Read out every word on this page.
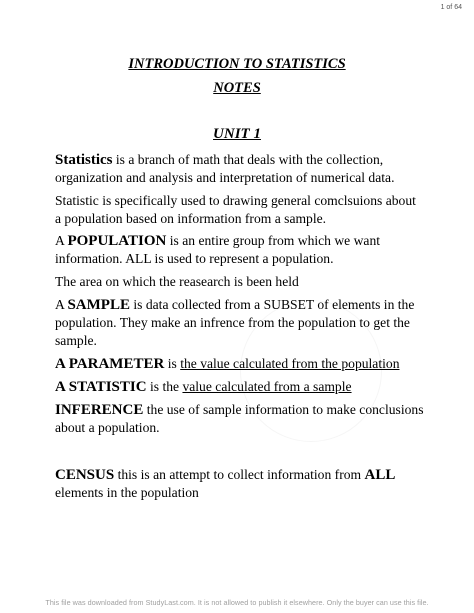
1 of 64
INTRODUCTION TO STATISTICS
NOTES
UNIT 1

Statistics is a branch of math that deals with the collection, organization and analysis and interpretation of numerical data.

Statistic is specifically used to drawing general comclsuions about a population based on information from a sample.

A POPULATION is an entire group from which we want information. ALL is used to represent a population.

The area on which the reasearch is been held

A SAMPLE is data collected from a SUBSET of elements in the population. They make an infrence from the population to get the sample.

A PARAMETER is the value calculated from the population

A STATISTIC is the value calculated from a sample

INFERENCE the use of sample information to make conclusions about a population.

CENSUS this is an attempt to collect information from ALL elements in the population

This file was downloaded from StudyLast.com. It is not allowed to publish it elsewhere. Only the buyer can use this file.
